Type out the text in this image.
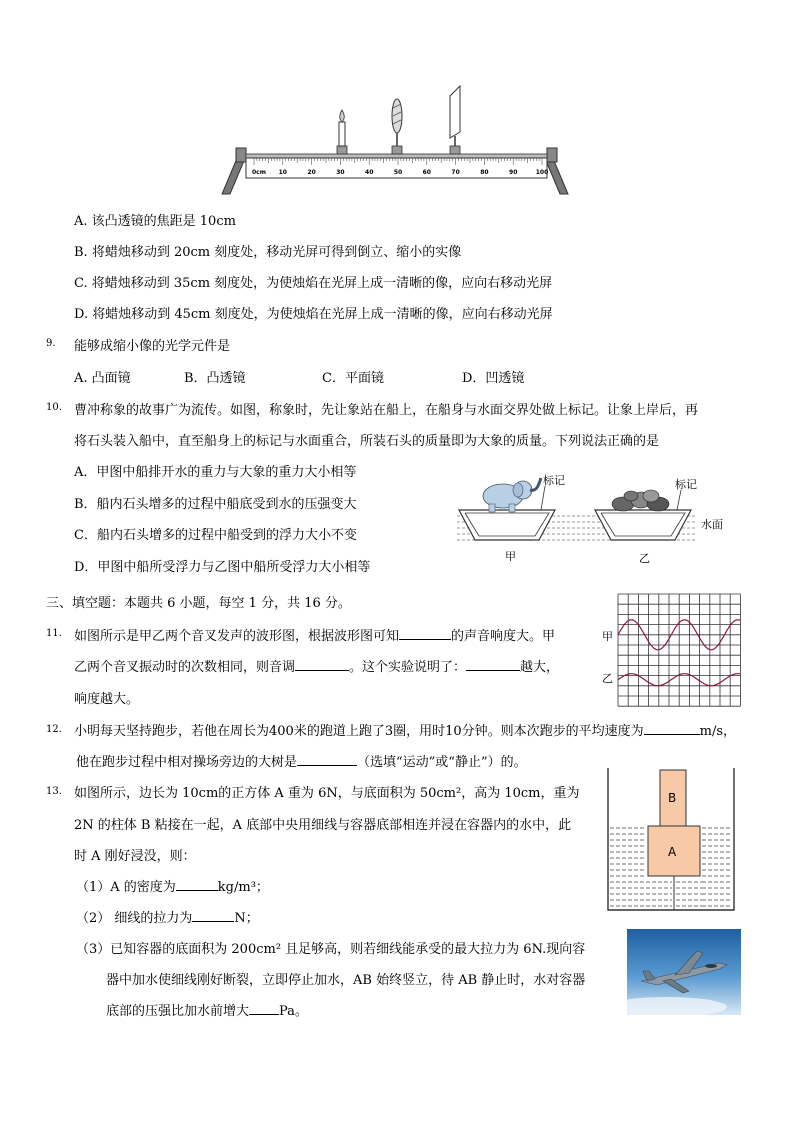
0cm 10	20	30	40	50	60	70	80	90	100
A. 该凸透镜的焦距是 10cm
B. 将蜡烛移动到 20cm 刻度处，移动光屏可得到倒立、缩小的实像
C. 将蜡烛移动到 35cm 刻度处，为使烛焰在光屏上成一清晰的像，应向右移动光屏
D. 将蜡烛移动到 45cm 刻度处，为使烛焰在光屏上成一清晰的像，应向右移动光屏
9. 能够成缩小像的光学元件是
A. 凸面镜	B．凸透镜	C．平面镜	D．凹透镜
10. 曹冲称象的故事广为流传。如图，称象时，先让象站在船上，在船身与水面交界处做上标记。让象上岸后，再
将石头装入船中，直至船身上的标记与水面重合，所装石头的质量即为大象的质量。下列说法正确的是
A．甲图中船排开水的重力与大象的重力大小相等
B．船内石头增多的过程中船底受到水的压强变大
C．船内石头增多的过程中船受到的浮力大小不变
D．甲图中船所受浮力与乙图中船所受浮力大小相等
标记	标记
水面
甲	乙
三、填空题：本题共 6 小题，每空 1 分，共 16 分。
11. 如图所示是甲乙两个音叉发声的波形图，根据波形图可知	的声音响度大。甲
乙两个音叉振动时的次数相同，则音调	。这个实验说明了：	越大，
响度越大。
甲
乙
12. 小明每天坚持跑步，若他在周长为400米的跑道上跑了3圈，用时10分钟。则本次跑步的平均速度为	m/s，
他在跑步过程中相对操场旁边的大树是	（选填“运动”或“静止”）的。
13. 如图所示，边长为 10cm的正方体 A 重为 6N，与底面积为 50cm²，高为 10cm，重为
2N 的柱体 B 粘接在一起，A 底部中央用细线与容器底部相连并浸在容器内的水中，此
时 A 刚好浸没，则：
（1）A 的密度为	kg/m³；
（2） 细线的拉力为	N；
（3）已知容器的底面积为 200cm² 且足够高，则若细线能承受的最大拉力为 6N.现向容
器中加水使细线刚好断裂，立即停止加水，AB 始终竖立，待 AB 静止时，水对容器
底部的压强比加水前增大 Pa。
B
A
